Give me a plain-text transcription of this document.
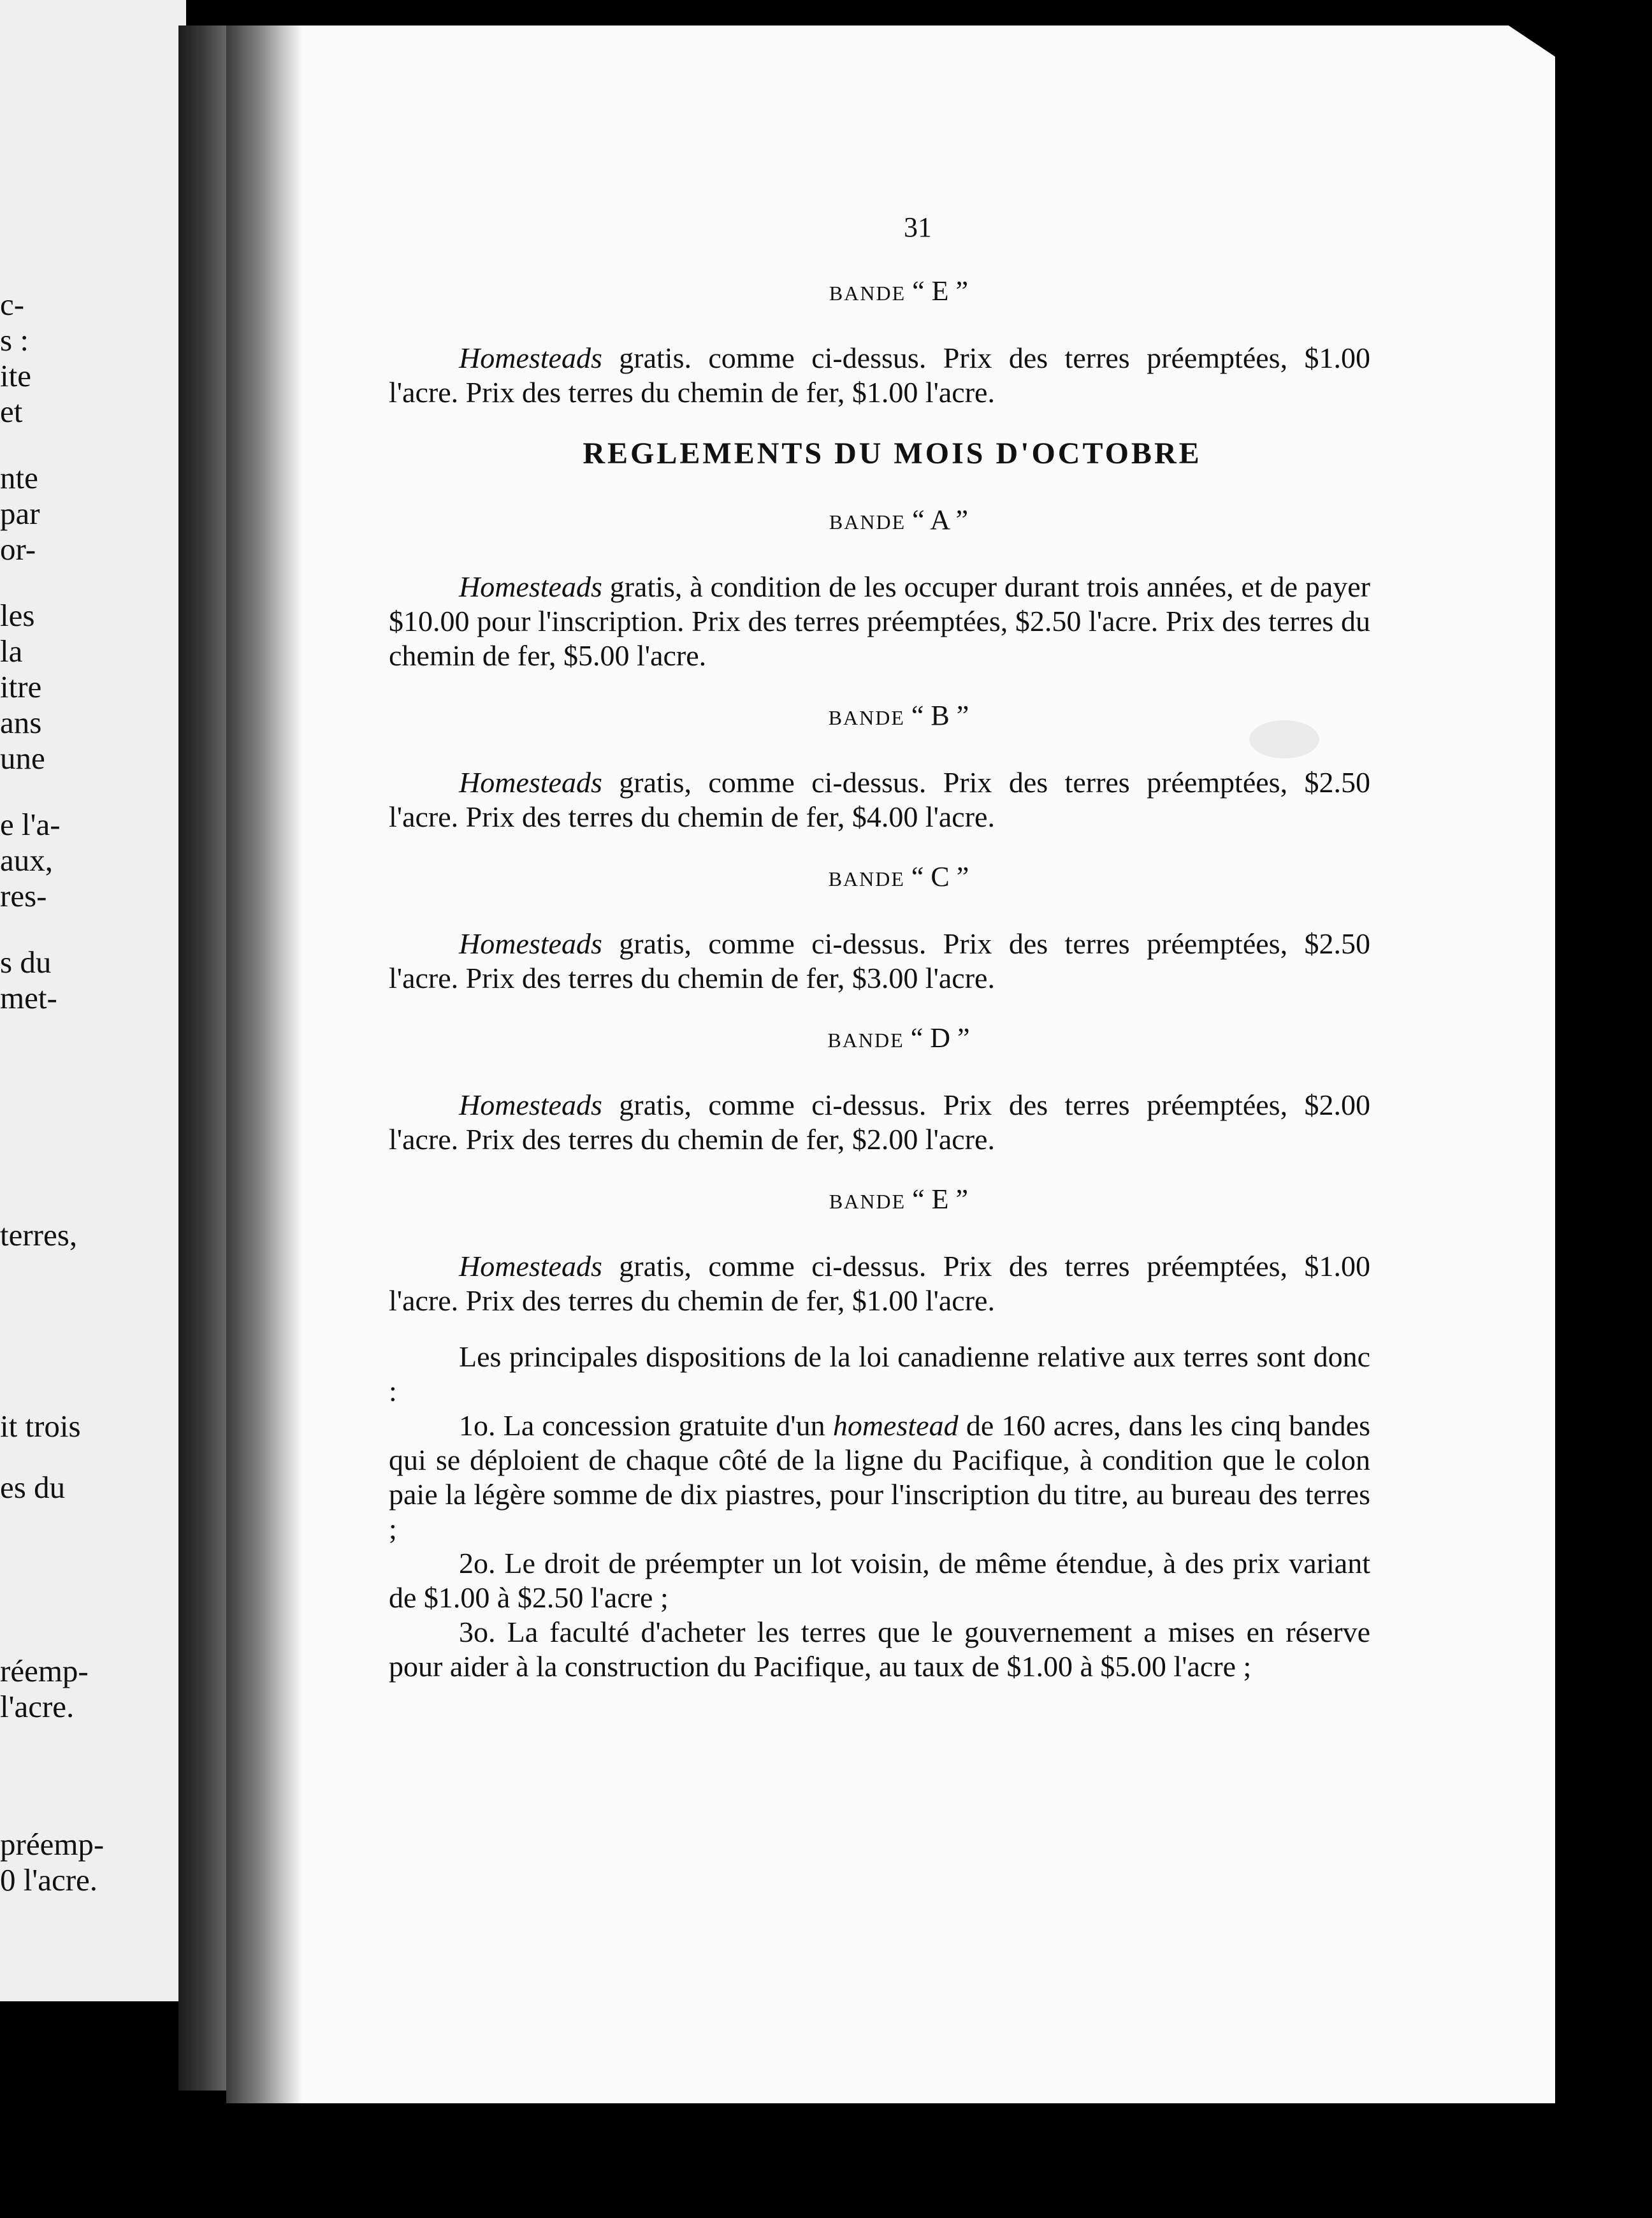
c-
s :
ite
et
nte
par
or-
les
la
itre
ans
une
e l'a-
aux,
res-
s du
met-
terres,
it trois
es du
réemp-
l'acre.
préemp-
0 l'acre.
31
BANDE “ E ”

Homesteads gratis. comme ci-dessus. Prix des terres préemptées, $1.00 l'acre. Prix des terres du chemin de fer, $1.00 l'acre.

REGLEMENTS DU MOIS D'OCTOBRE
BANDE “ A ”

Homesteads gratis, à condition de les occuper durant trois années, et de payer $10.00 pour l'inscription. Prix des terres préemptées, $2.50 l'acre. Prix des terres du chemin de fer, $5.00 l'acre.

BANDE “ B ”

Homesteads gratis, comme ci-dessus. Prix des terres préemptées, $2.50 l'acre. Prix des terres du chemin de fer, $4.00 l'acre.

BANDE “ C ”

Homesteads gratis, comme ci-dessus. Prix des terres préemptées, $2.50 l'acre. Prix des terres du chemin de fer, $3.00 l'acre.

BANDE “ D ”

Homesteads gratis, comme ci-dessus. Prix des terres préemptées, $2.00 l'acre. Prix des terres du chemin de fer, $2.00 l'acre.

BANDE “ E ”

Homesteads gratis, comme ci-dessus. Prix des terres préemptées, $1.00 l'acre. Prix des terres du chemin de fer, $1.00 l'acre.

Les principales dispositions de la loi canadienne relative aux terres sont donc :

1o. La concession gratuite d'un homestead de 160 acres, dans les cinq bandes qui se déploient de chaque côté de la ligne du Pacifique, à condition que le colon paie la légère somme de dix piastres, pour l'inscription du titre, au bureau des terres ;

2o. Le droit de préempter un lot voisin, de même étendue, à des prix variant de $1.00 à $2.50 l'acre ;

3o. La faculté d'acheter les terres que le gouvernement a mises en réserve pour aider à la construction du Pacifique, au taux de $1.00 à $5.00 l'acre ;
